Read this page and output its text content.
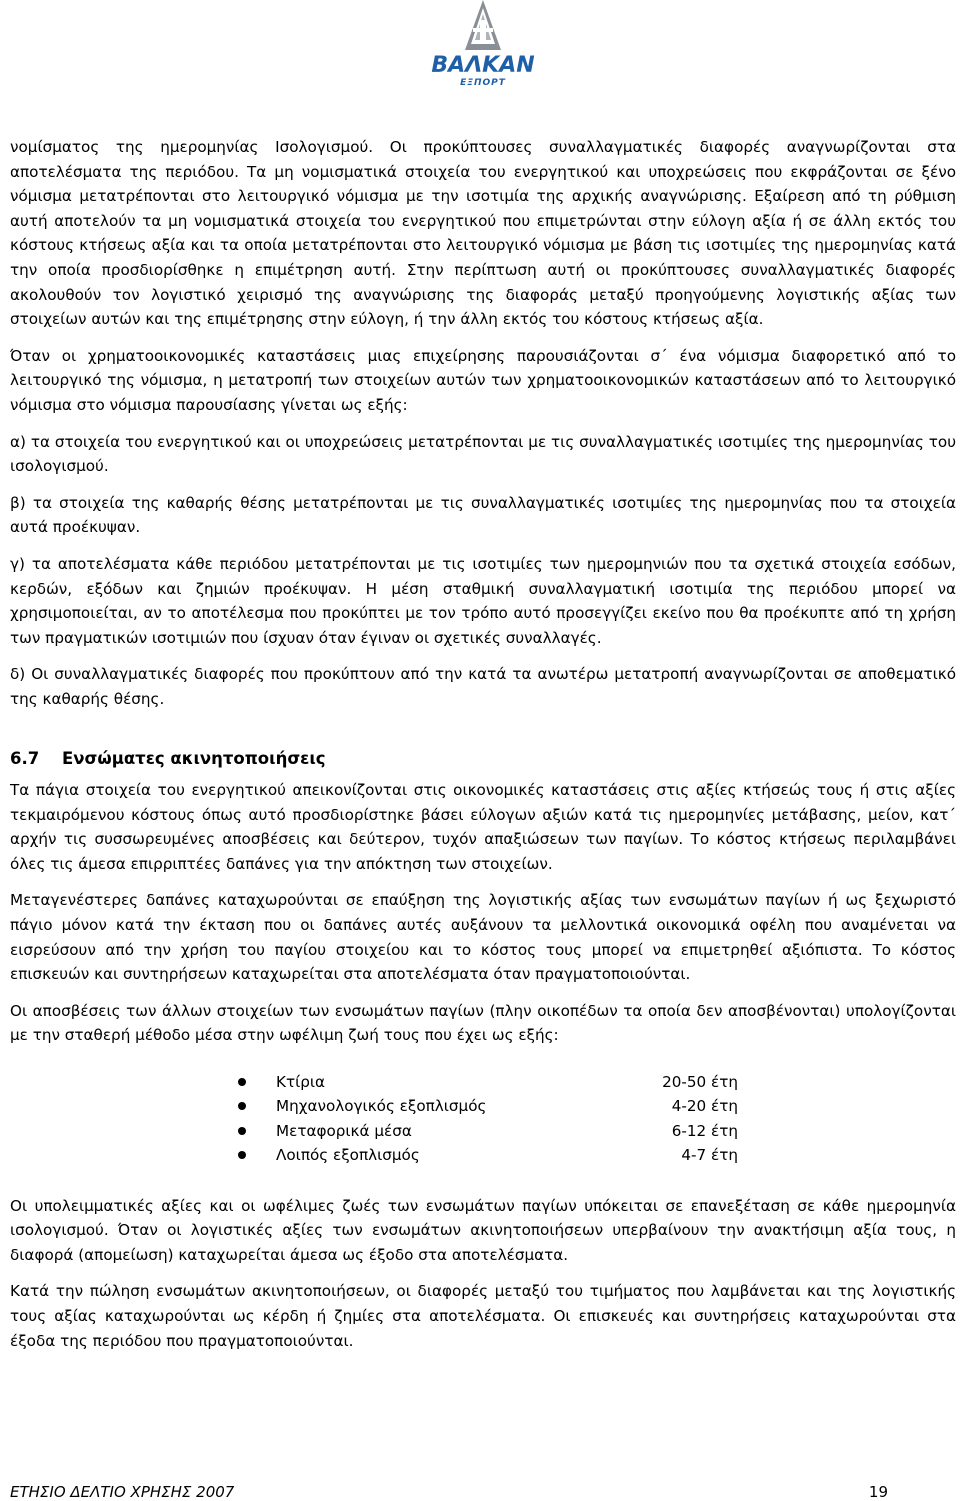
ΒΑΛΚΑΝ
ΕΞΠΟΡΤ

νομίσματος της ημερομηνίας Ισολογισμού. Οι προκύπτουσες συναλλαγματικές διαφορές αναγνωρίζονται στα αποτελέσματα της περιόδου. Τα μη νομισματικά στοιχεία του ενεργητικού και υποχρεώσεις που εκφράζονται σε ξένο νόμισμα μετατρέπονται στο λειτουργικό νόμισμα με την ισοτιμία της αρχικής αναγνώρισης. Εξαίρεση από τη ρύθμιση αυτή αποτελούν τα μη νομισματικά στοιχεία του ενεργητικού που επιμετρώνται στην εύλογη αξία ή σε άλλη εκτός του κόστους κτήσεως αξία και τα οποία μετατρέπονται στο λειτουργικό νόμισμα με βάση τις ισοτιμίες της ημερομηνίας κατά την οποία προσδιορίσθηκε η επιμέτρηση αυτή. Στην περίπτωση αυτή οι προκύπτουσες συναλλαγματικές διαφορές ακολουθούν τον λογιστικό χειρισμό της αναγνώρισης της διαφοράς μεταξύ προηγούμενης λογιστικής αξίας των στοιχείων αυτών και της επιμέτρησης στην εύλογη, ή την άλλη εκτός του κόστους κτήσεως αξία.

Όταν οι χρηματοοικονομικές καταστάσεις μιας επιχείρησης παρουσιάζονται σ΄ ένα νόμισμα διαφορετικό από το λειτουργικό της νόμισμα, η μετατροπή των στοιχείων αυτών των χρηματοοικονομικών καταστάσεων από το λειτουργικό νόμισμα στο νόμισμα παρουσίασης γίνεται ως εξής:

α) τα στοιχεία του ενεργητικού και οι υποχρεώσεις μετατρέπονται με τις συναλλαγματικές ισοτιμίες της ημερομηνίας του ισολογισμού.

β) τα στοιχεία της καθαρής θέσης μετατρέπονται με τις συναλλαγματικές ισοτιμίες της ημερομηνίας που τα στοιχεία αυτά προέκυψαν.

γ) τα αποτελέσματα κάθε περιόδου μετατρέπονται με τις ισοτιμίες των ημερομηνιών που τα σχετικά στοιχεία εσόδων, κερδών, εξόδων και ζημιών προέκυψαν. Η μέση σταθμική συναλλαγματική ισοτιμία της περιόδου μπορεί να χρησιμοποιείται, αν το αποτέλεσμα που προκύπτει με τον τρόπο αυτό προσεγγίζει εκείνο που θα προέκυπτε από τη χρήση των πραγματικών ισοτιμιών που ίσχυαν όταν έγιναν οι σχετικές συναλλαγές.

δ) Οι συναλλαγματικές διαφορές που προκύπτουν από την κατά τα ανωτέρω μετατροπή αναγνωρίζονται σε αποθεματικό της καθαρής θέσης.

6.7 Ενσώματες ακινητοποιήσεις

Τα πάγια στοιχεία του ενεργητικού απεικονίζονται στις οικονομικές καταστάσεις στις αξίες κτήσεώς τους ή στις αξίες τεκμαιρόμενου κόστους όπως αυτό προσδιορίστηκε βάσει εύλογων αξιών κατά τις ημερομηνίες μετάβασης, μείον, κατ΄ αρχήν τις συσσωρευμένες αποσβέσεις και δεύτερον, τυχόν απαξιώσεων των παγίων. Το κόστος κτήσεως περιλαμβάνει όλες τις άμεσα επιρριπτέες δαπάνες για την απόκτηση των στοιχείων.

Μεταγενέστερες δαπάνες καταχωρούνται σε επαύξηση της λογιστικής αξίας των ενσωμάτων παγίων ή ως ξεχωριστό πάγιο μόνον κατά την έκταση που οι δαπάνες αυτές αυξάνουν τα μελλοντικά οικονομικά οφέλη που αναμένεται να εισρεύσουν από την χρήση του παγίου στοιχείου και το κόστος τους μπορεί να επιμετρηθεί αξιόπιστα. Το κόστος επισκευών και συντηρήσεων καταχωρείται στα αποτελέσματα όταν πραγματοποιούνται.

Οι αποσβέσεις των άλλων στοιχείων των ενσωμάτων παγίων (πλην οικοπέδων τα οποία δεν αποσβένονται) υπολογίζονται με την σταθερή μέθοδο μέσα στην ωφέλιμη ζωή τους που έχει ως εξής:

Κτίρια	20-50 έτη
Μηχανολογικός εξοπλισμός	4-20 έτη
Μεταφορικά μέσα	6-12 έτη
Λοιπός εξοπλισμός	4-7 έτη

Οι υπολειμματικές αξίες και οι ωφέλιμες ζωές των ενσωμάτων παγίων υπόκειται σε επανεξέταση σε κάθε ημερομηνία ισολογισμού. Όταν οι λογιστικές αξίες των ενσωμάτων ακινητοποιήσεων υπερβαίνουν την ανακτήσιμη αξία τους, η διαφορά (απομείωση) καταχωρείται άμεσα ως έξοδο στα αποτελέσματα.

Κατά την πώληση ενσωμάτων ακινητοποιήσεων, οι διαφορές μεταξύ του τιμήματος που λαμβάνεται και της λογιστικής τους αξίας καταχωρούνται ως κέρδη ή ζημίες στα αποτελέσματα. Οι επισκευές και συντηρήσεις καταχωρούνται στα έξοδα της περιόδου που πραγματοποιούνται.

ΕΤΗΣΙΟ ΔΕΛΤΙΟ ΧΡΗΣΗΣ 2007	19
